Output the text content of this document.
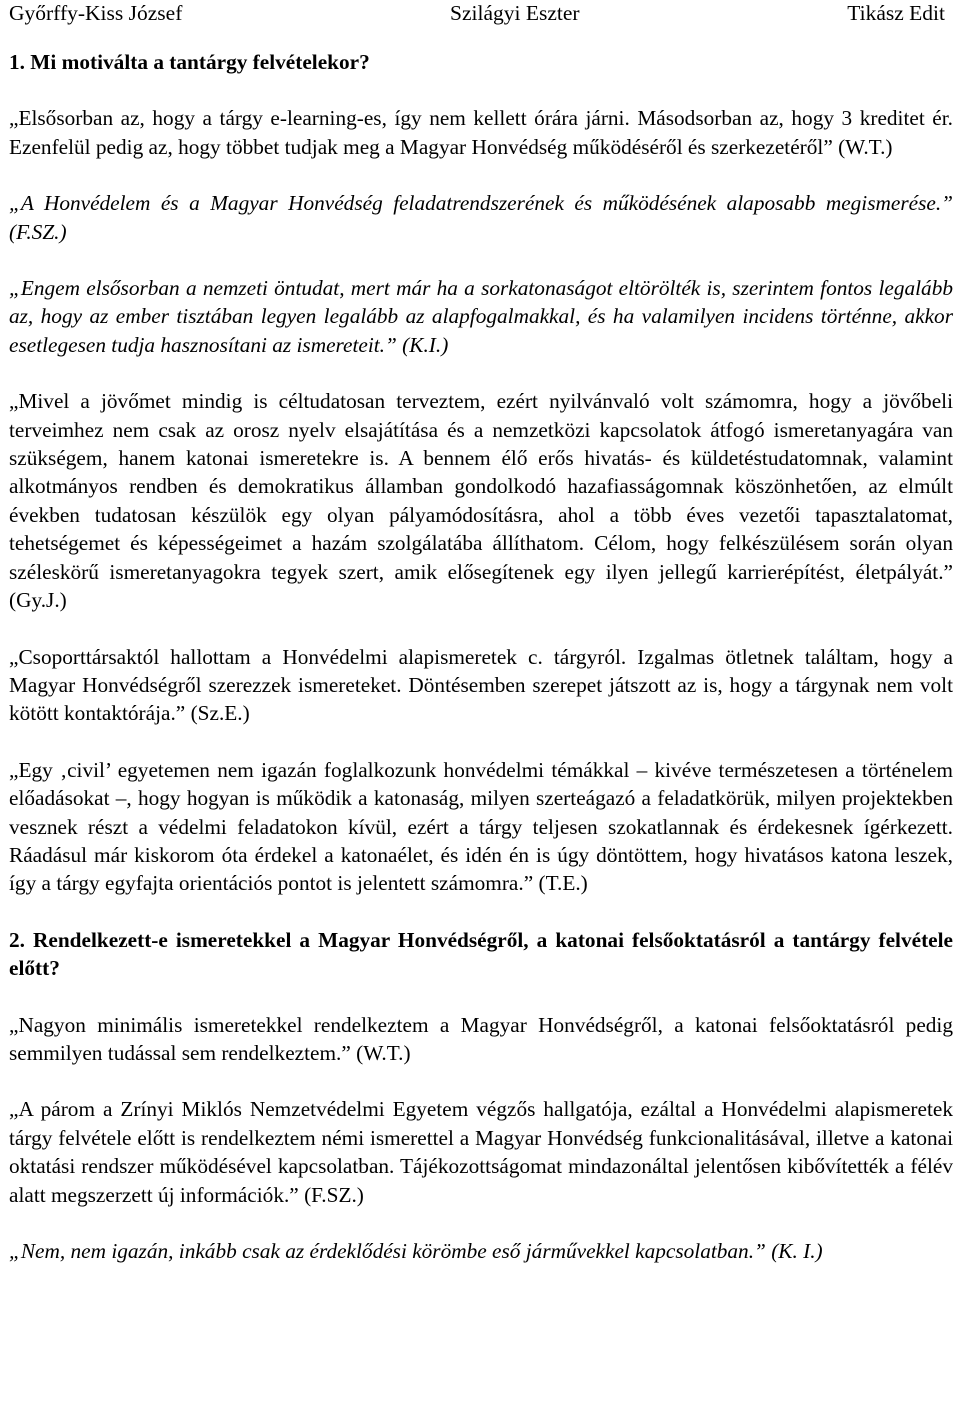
Győrffy-Kiss József	Szilágyi Eszter	Tikász Edit

1. Mi motiválta a tantárgy felvételekor?

„Elsősorban az, hogy a tárgy e-learning-es, így nem kellett órára járni. Másodsorban az, hogy 3 kreditet ér. Ezenfelül pedig az, hogy többet tudjak meg a Magyar Honvédség működéséről és szerkezetéről” (W.T.)

„A Honvédelem és a Magyar Honvédség feladatrendszerének és működésének alaposabb megismerése.” (F.SZ.)

„Engem elsősorban a nemzeti öntudat, mert már ha a sorkatonaságot eltörölték is, szerintem fontos legalább az, hogy az ember tisztában legyen legalább az alapfogalmakkal, és ha valamilyen incidens történne, akkor esetlegesen tudja hasznosítani az ismereteit.” (K.I.)

„Mivel a jövőmet mindig is céltudatosan terveztem, ezért nyilvánvaló volt számomra, hogy a jövőbeli terveimhez nem csak az orosz nyelv elsajátítása és a nemzetközi kapcsolatok átfogó ismeretanyagára van szükségem, hanem katonai ismeretekre is. A bennem élő erős hivatás- és küldetéstudatomnak, valamint alkotmányos rendben és demokratikus államban gondolkodó hazafiasságomnak köszönhetően, az elmúlt években tudatosan készülök egy olyan pályamódosításra, ahol a több éves vezetői tapasztalatomat, tehetségemet és képességeimet a hazám szolgálatába állíthatom. Célom, hogy felkészülésem során olyan széleskörű ismeretanyagokra tegyek szert, amik elősegítenek egy ilyen jellegű karrierépítést, életpályát.” (Gy.J.)

„Csoporttársaktól hallottam a Honvédelmi alapismeretek c. tárgyról. Izgalmas ötletnek találtam, hogy a Magyar Honvédségről szerezzek ismereteket. Döntésemben szerepet játszott az is, hogy a tárgynak nem volt kötött kontaktórája.” (Sz.E.)

„Egy ‚civil’ egyetemen nem igazán foglalkozunk honvédelmi témákkal – kivéve természetesen a történelem előadásokat –, hogy hogyan is működik a katonaság, milyen szerteágazó a feladatkörük, milyen projektekben vesznek részt a védelmi feladatokon kívül, ezért a tárgy teljesen szokatlannak és érdekesnek ígérkezett. Ráadásul már kiskorom óta érdekel a katonaélet, és idén én is úgy döntöttem, hogy hivatásos katona leszek, így a tárgy egyfajta orientációs pontot is jelentett számomra.” (T.E.)

2. Rendelkezett-e ismeretekkel a Magyar Honvédségről, a katonai felsőoktatásról a tantárgy felvétele előtt?

„Nagyon minimális ismeretekkel rendelkeztem a Magyar Honvédségről, a katonai felsőoktatásról pedig semmilyen tudással sem rendelkeztem.” (W.T.)

„A párom a Zrínyi Miklós Nemzetvédelmi Egyetem végzős hallgatója, ezáltal a Honvédelmi alapismeretek tárgy felvétele előtt is rendelkeztem némi ismerettel a Magyar Honvédség funkcionalitásával, illetve a katonai oktatási rendszer működésével kapcsolatban. Tájékozottságomat mindazonáltal jelentősen kibővítették a félév alatt megszerzett új információk.” (F.SZ.)

„Nem, nem igazán, inkább csak az érdeklődési körömbe eső járművekkel kapcsolatban.” (K. I.)
